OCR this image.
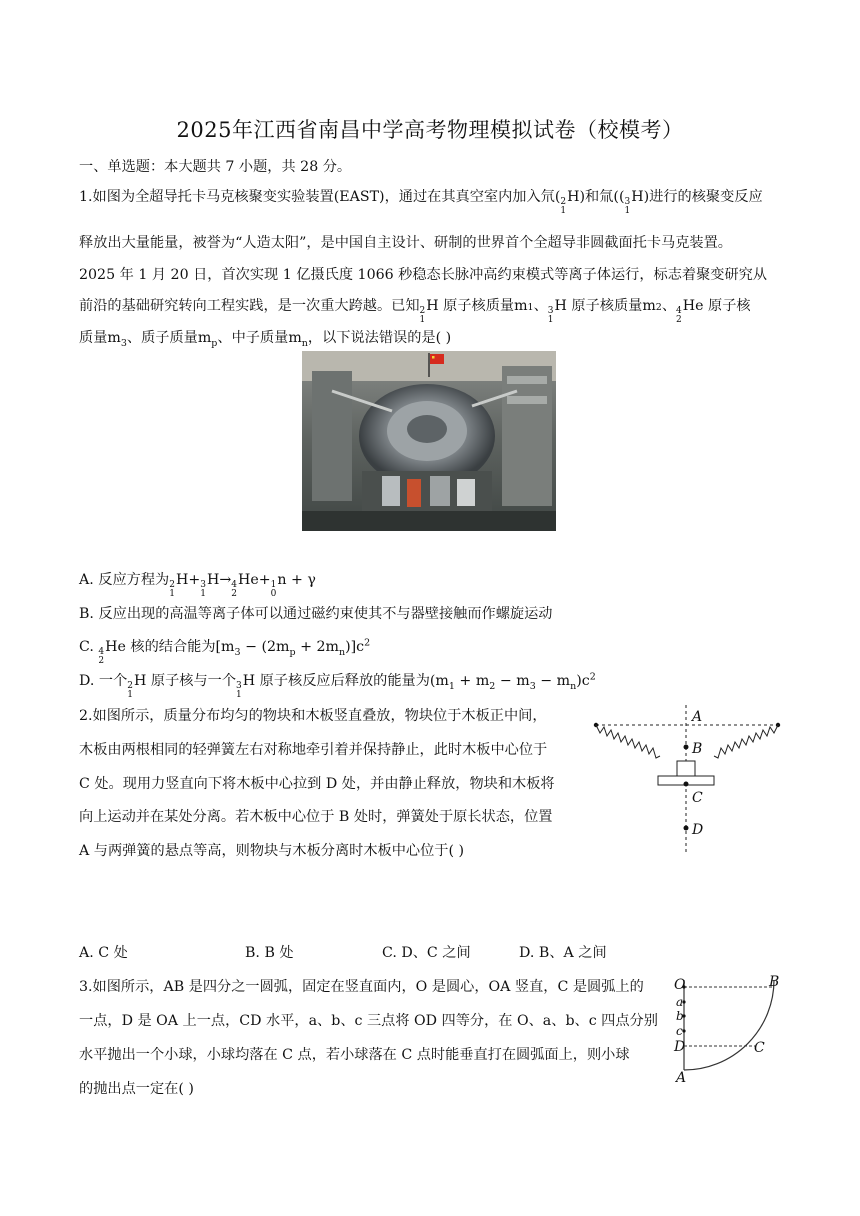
2025年江西省南昌中学高考物理模拟试卷（校模考）
一、单选题：本大题共 7 小题，共 28 分。
1.如图为全超导托卡马克核聚变实验装置(EAST)，通过在其真空室内加入氘( 2
1
H)和氚(( 3
1
H)进行的核聚变反应
释放出大量能量，被誉为“人造太阳”，是中国自主设计、研制的世界首个全超导非圆截面托卡马克装置。
2025 年 1 月 20 日，首次实现 1 亿摄氏度 1066 秒稳态长脉冲高约束模式等离子体运行，标志着聚变研究从
前沿的基础研究转向工程实践，是一次重大跨越。已知 2
1
H 原子核质量m1、 3
1
H 原子核质量m2、 4
2
He 原子核
质量$m_3$、质子质量$m_p$、中子质量$m_n$，以下说法错误的是( )
A. 反应方程为 2
1
H+ 3
1
H→ 4
2
He+ 1
0
n + γ
B. 反应出现的高温等离子体可以通过磁约束使其不与器壁接触而作螺旋运动
C. 4
2
He 核的结合能为$[m_3 - (2m_p + 2m_n)]c^2$
D. 一个 2
1
H 原子核与一个 3
1
H 原子核反应后释放的能量为$(m_1 + m_2 - m_3 - m_n)c^2$
2.如图所示，质量分布均匀的物块和木板竖直叠放，物块位于木板正中间，
木板由两根相同的轻弹簧左右对称地牵引着并保持静止，此时木板中心位于
C 处。现用力竖直向下将木板中心拉到 D 处，并由静止释放，物块和木板将
向上运动并在某处分离。若木板中心位于 B 处时，弹簧处于原长状态，位置
A 与两弹簧的悬点等高，则物块与木板分离时木板中心位于( )
A
B
C
D
A. C 处	B. B 处	C. D、C 之间	D. B、A 之间
3.如图所示，AB 是四分之一圆弧，固定在竖直面内，O 是圆心，OA 竖直，C 是圆弧上的
一点，D 是 OA 上一点，CD 水平，a、b、c 三点将 OD 四等分，在 O、a、b、c 四点分别
水平抛出一个小球，小球均落在 C 点，若小球落在 C 点时能垂直打在圆弧面上，则小球
的抛出点一定在( )
O	B
a
b
c
D	C
A
